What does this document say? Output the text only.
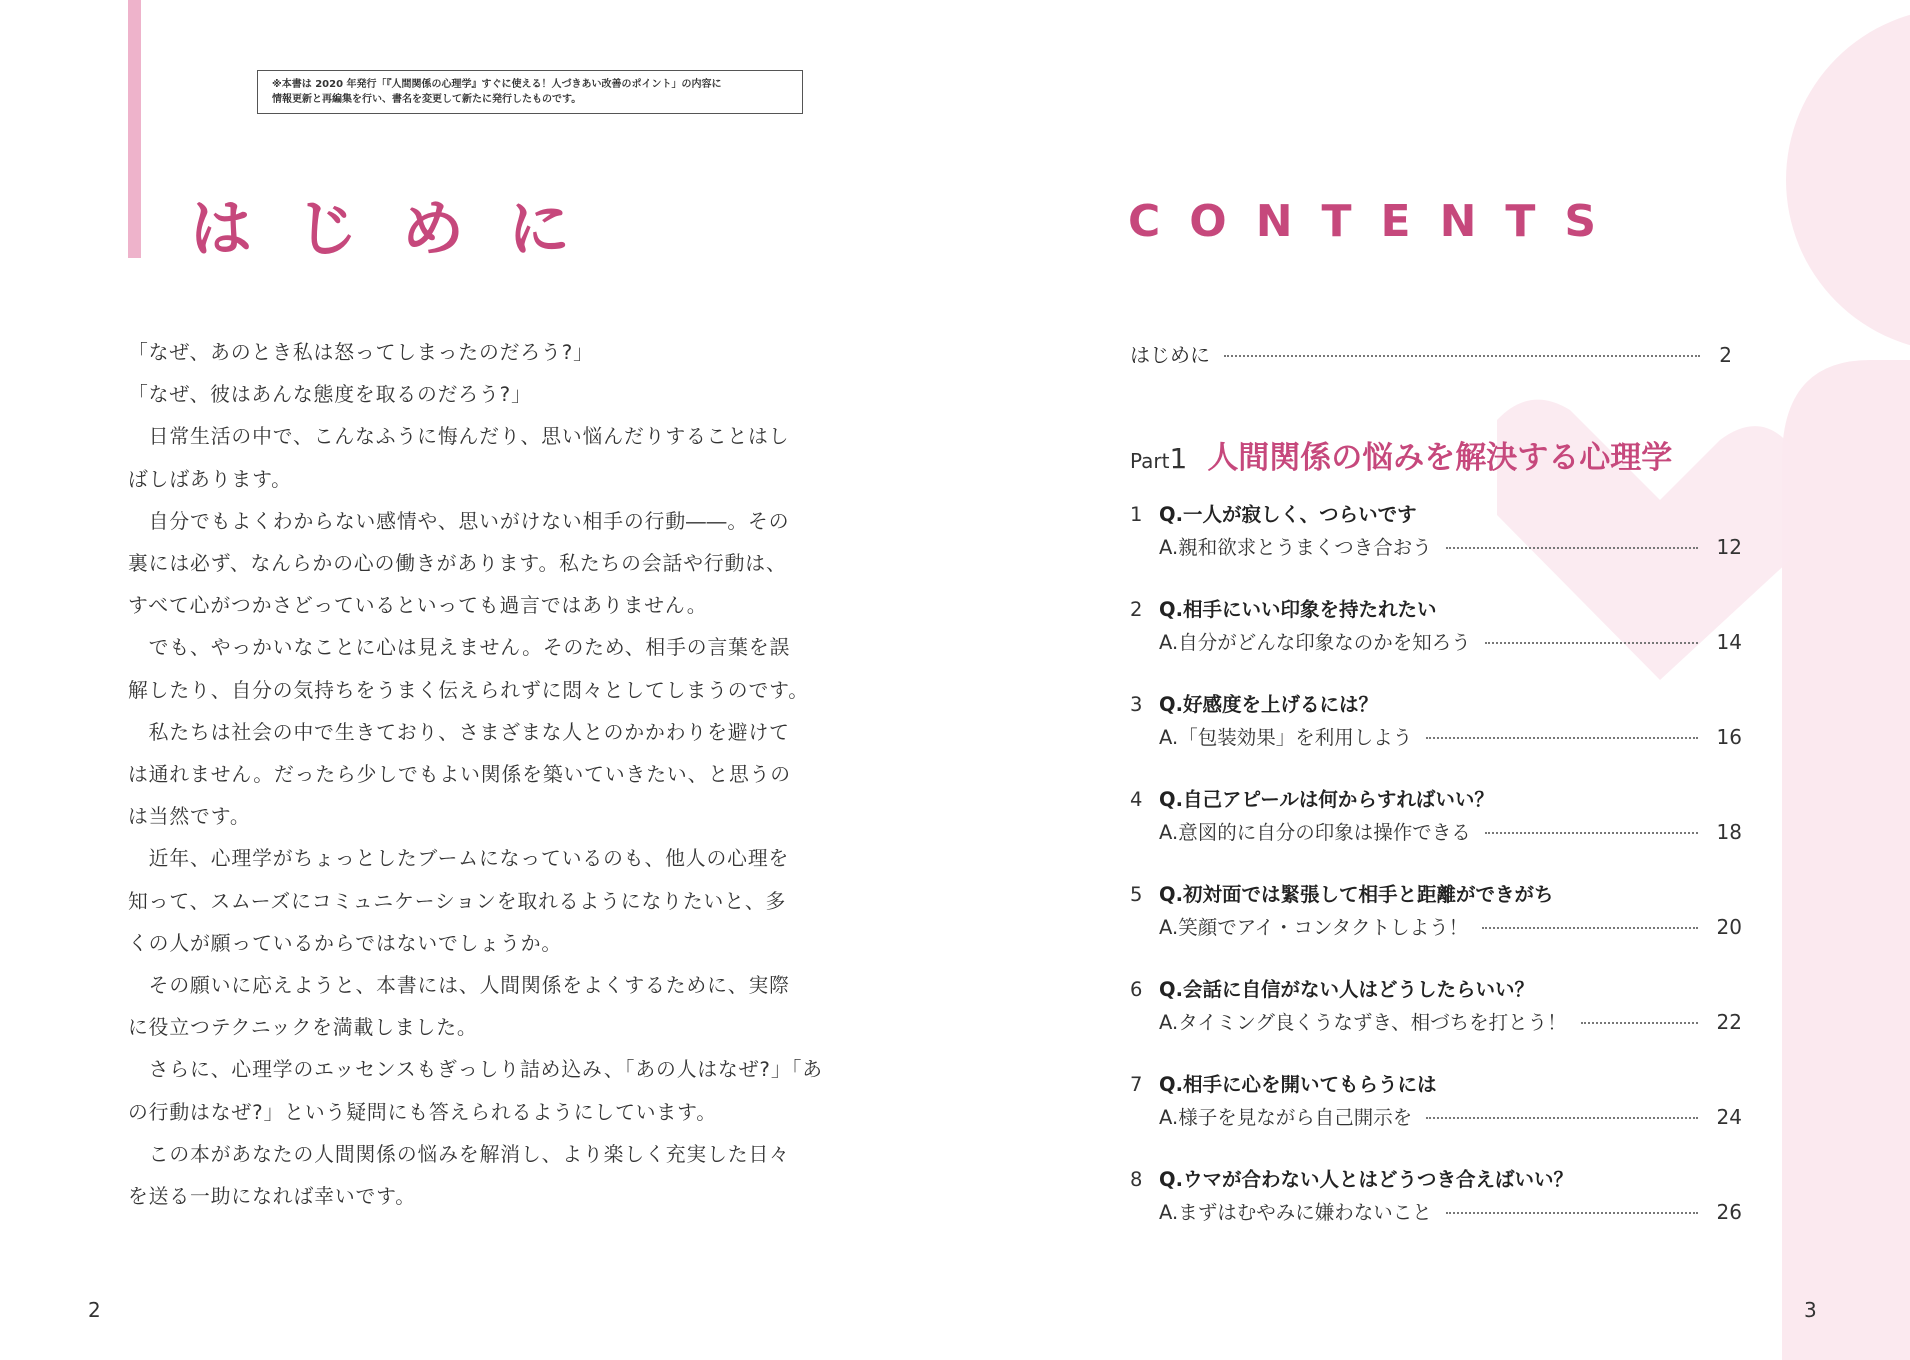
※本書は 2020 年発行「『人間関係の心理学』すぐに使える！人づきあい改善のポイント」の内容に
情報更新と再編集を行い、書名を変更して新たに発行したものです。
はじめに

「なぜ、あのとき私は怒ってしまったのだろう?」

「なぜ、彼はあんな態度を取るのだろう?」

　日常生活の中で、こんなふうに悔んだり、思い悩んだりすることはし

ばしばあります。

　自分でもよくわからない感情や、思いがけない相手の行動――。その

裏には必ず、なんらかの心の働きがあります。私たちの会話や行動は、

すべて心がつかさどっているといっても過言ではありません。

　でも、やっかいなことに心は見えません。そのため、相手の言葉を誤

解したり、自分の気持ちをうまく伝えられずに悶々としてしまうのです。

　私たちは社会の中で生きており、さまざまな人とのかかわりを避けて

は通れません。だったら少しでもよい関係を築いていきたい、と思うの

は当然です。

　近年、心理学がちょっとしたブームになっているのも、他人の心理を

知って、スムーズにコミュニケーションを取れるようになりたいと、多

くの人が願っているからではないでしょうか。

　その願いに応えようと、本書には、人間関係をよくするために、実際

に役立つテクニックを満載しました。

　さらに、心理学のエッセンスもぎっしり詰め込み、「あの人はなぜ?」「あ

の行動はなぜ?」という疑問にも答えられるようにしています。

　この本があなたの人間関係の悩みを解消し、より楽しく充実した日々

を送る一助になれば幸いです。

2
CONTENTS
はじめに	2
Part1 人間関係の悩みを解決する心理学
1 Q.一人が寂しく、つらいです
A.親和欲求とうまくつき合おう	12
2 Q.相手にいい印象を持たれたい
A.自分がどんな印象なのかを知ろう	14
3 Q.好感度を上げるには？
A.「包装効果」を利用しよう	16
4 Q.自己アピールは何からすればいい？
A.意図的に自分の印象は操作できる	18
5 Q.初対面では緊張して相手と距離ができがち
A.笑顔でアイ・コンタクトしよう！	20
6 Q.会話に自信がない人はどうしたらいい？
A.タイミング良くうなずき、相づちを打とう！	22
7 Q.相手に心を開いてもらうには
A.様子を見ながら自己開示を	24
8 Q.ウマが合わない人とはどうつき合えばいい？
A.まずはむやみに嫌わないこと	26
3
